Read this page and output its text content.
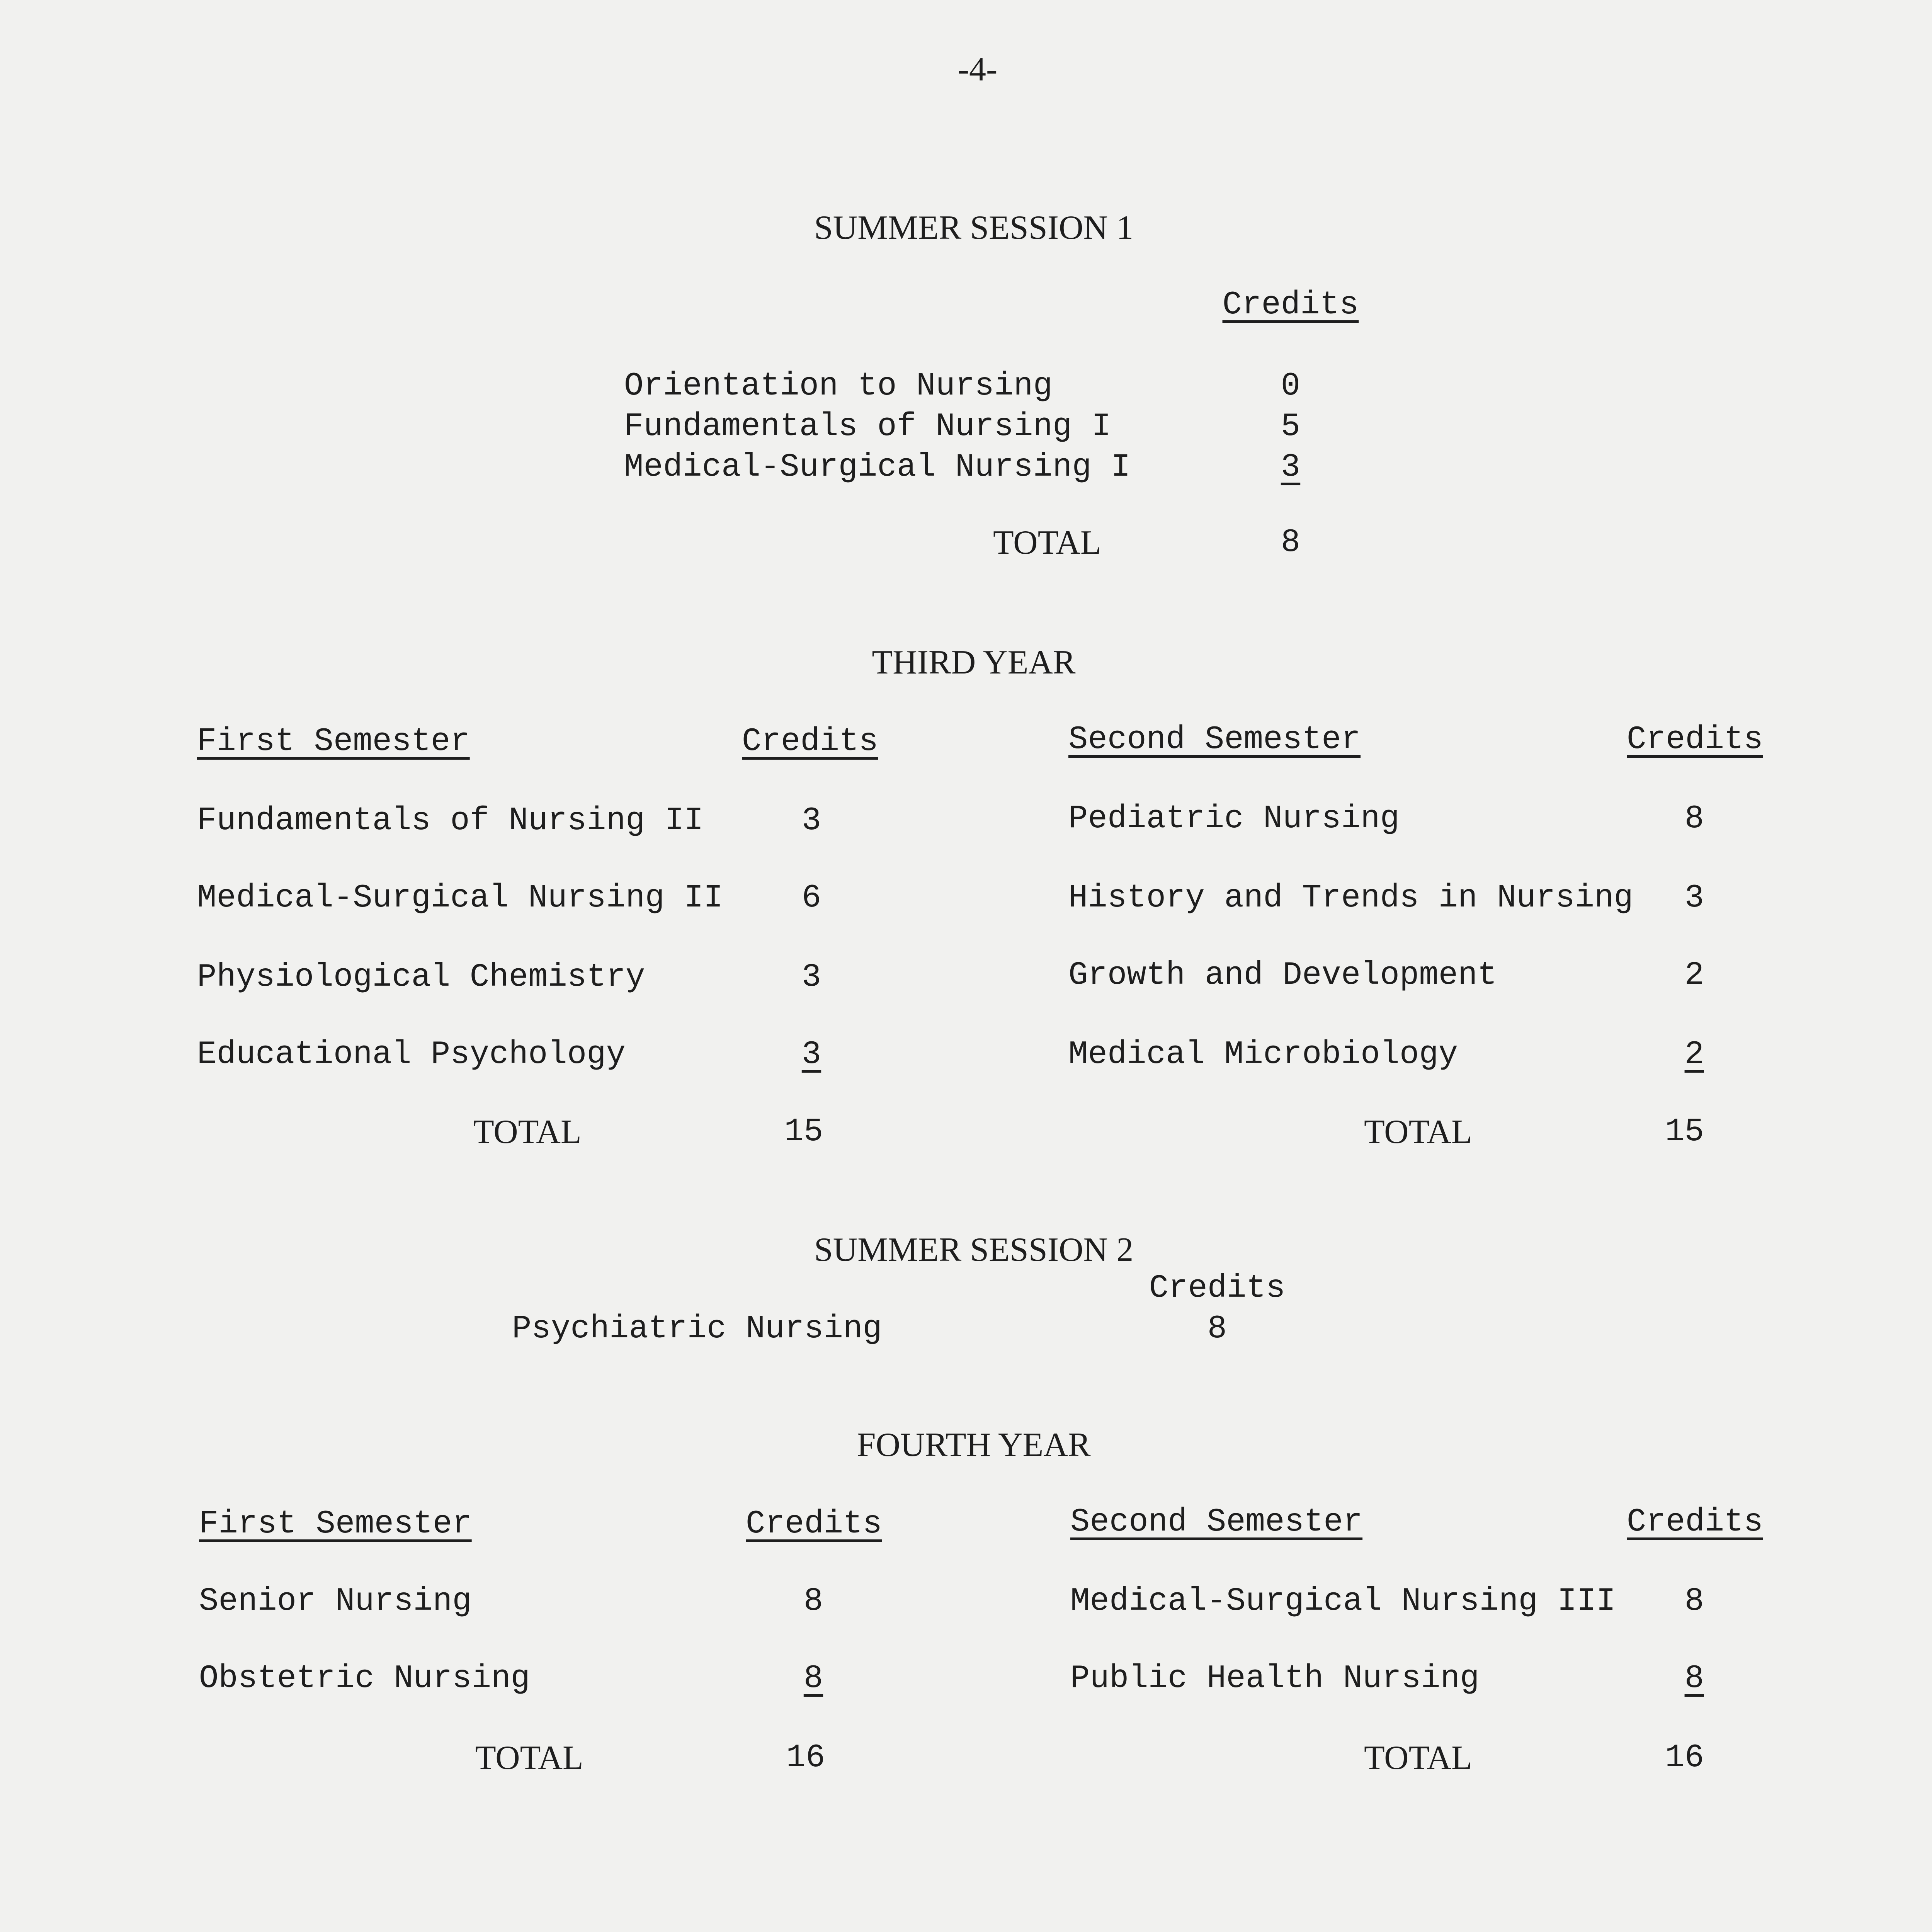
-4-
SUMMER SESSION 1
Credits
Orientation to Nursing	0
Fundamentals of Nursing I	5
Medical-Surgical Nursing I	3
TOTAL	8
THIRD YEAR
First Semester	Credits	Second Semester	Credits
Fundamentals of Nursing II	3	Pediatric Nursing	8
Medical-Surgical Nursing II	6	History and Trends in Nursing	3
Physiological Chemistry	3	Growth and Development	2
Educational Psychology	3	Medical Microbiology	2
TOTAL	15	TOTAL	15
SUMMER SESSION 2
Credits
Psychiatric Nursing	8
FOURTH YEAR
First Semester	Credits	Second Semester	Credits
Senior Nursing	8	Medical-Surgical Nursing III	8
Obstetric Nursing	8	Public Health Nursing	8
TOTAL	16	TOTAL	16
